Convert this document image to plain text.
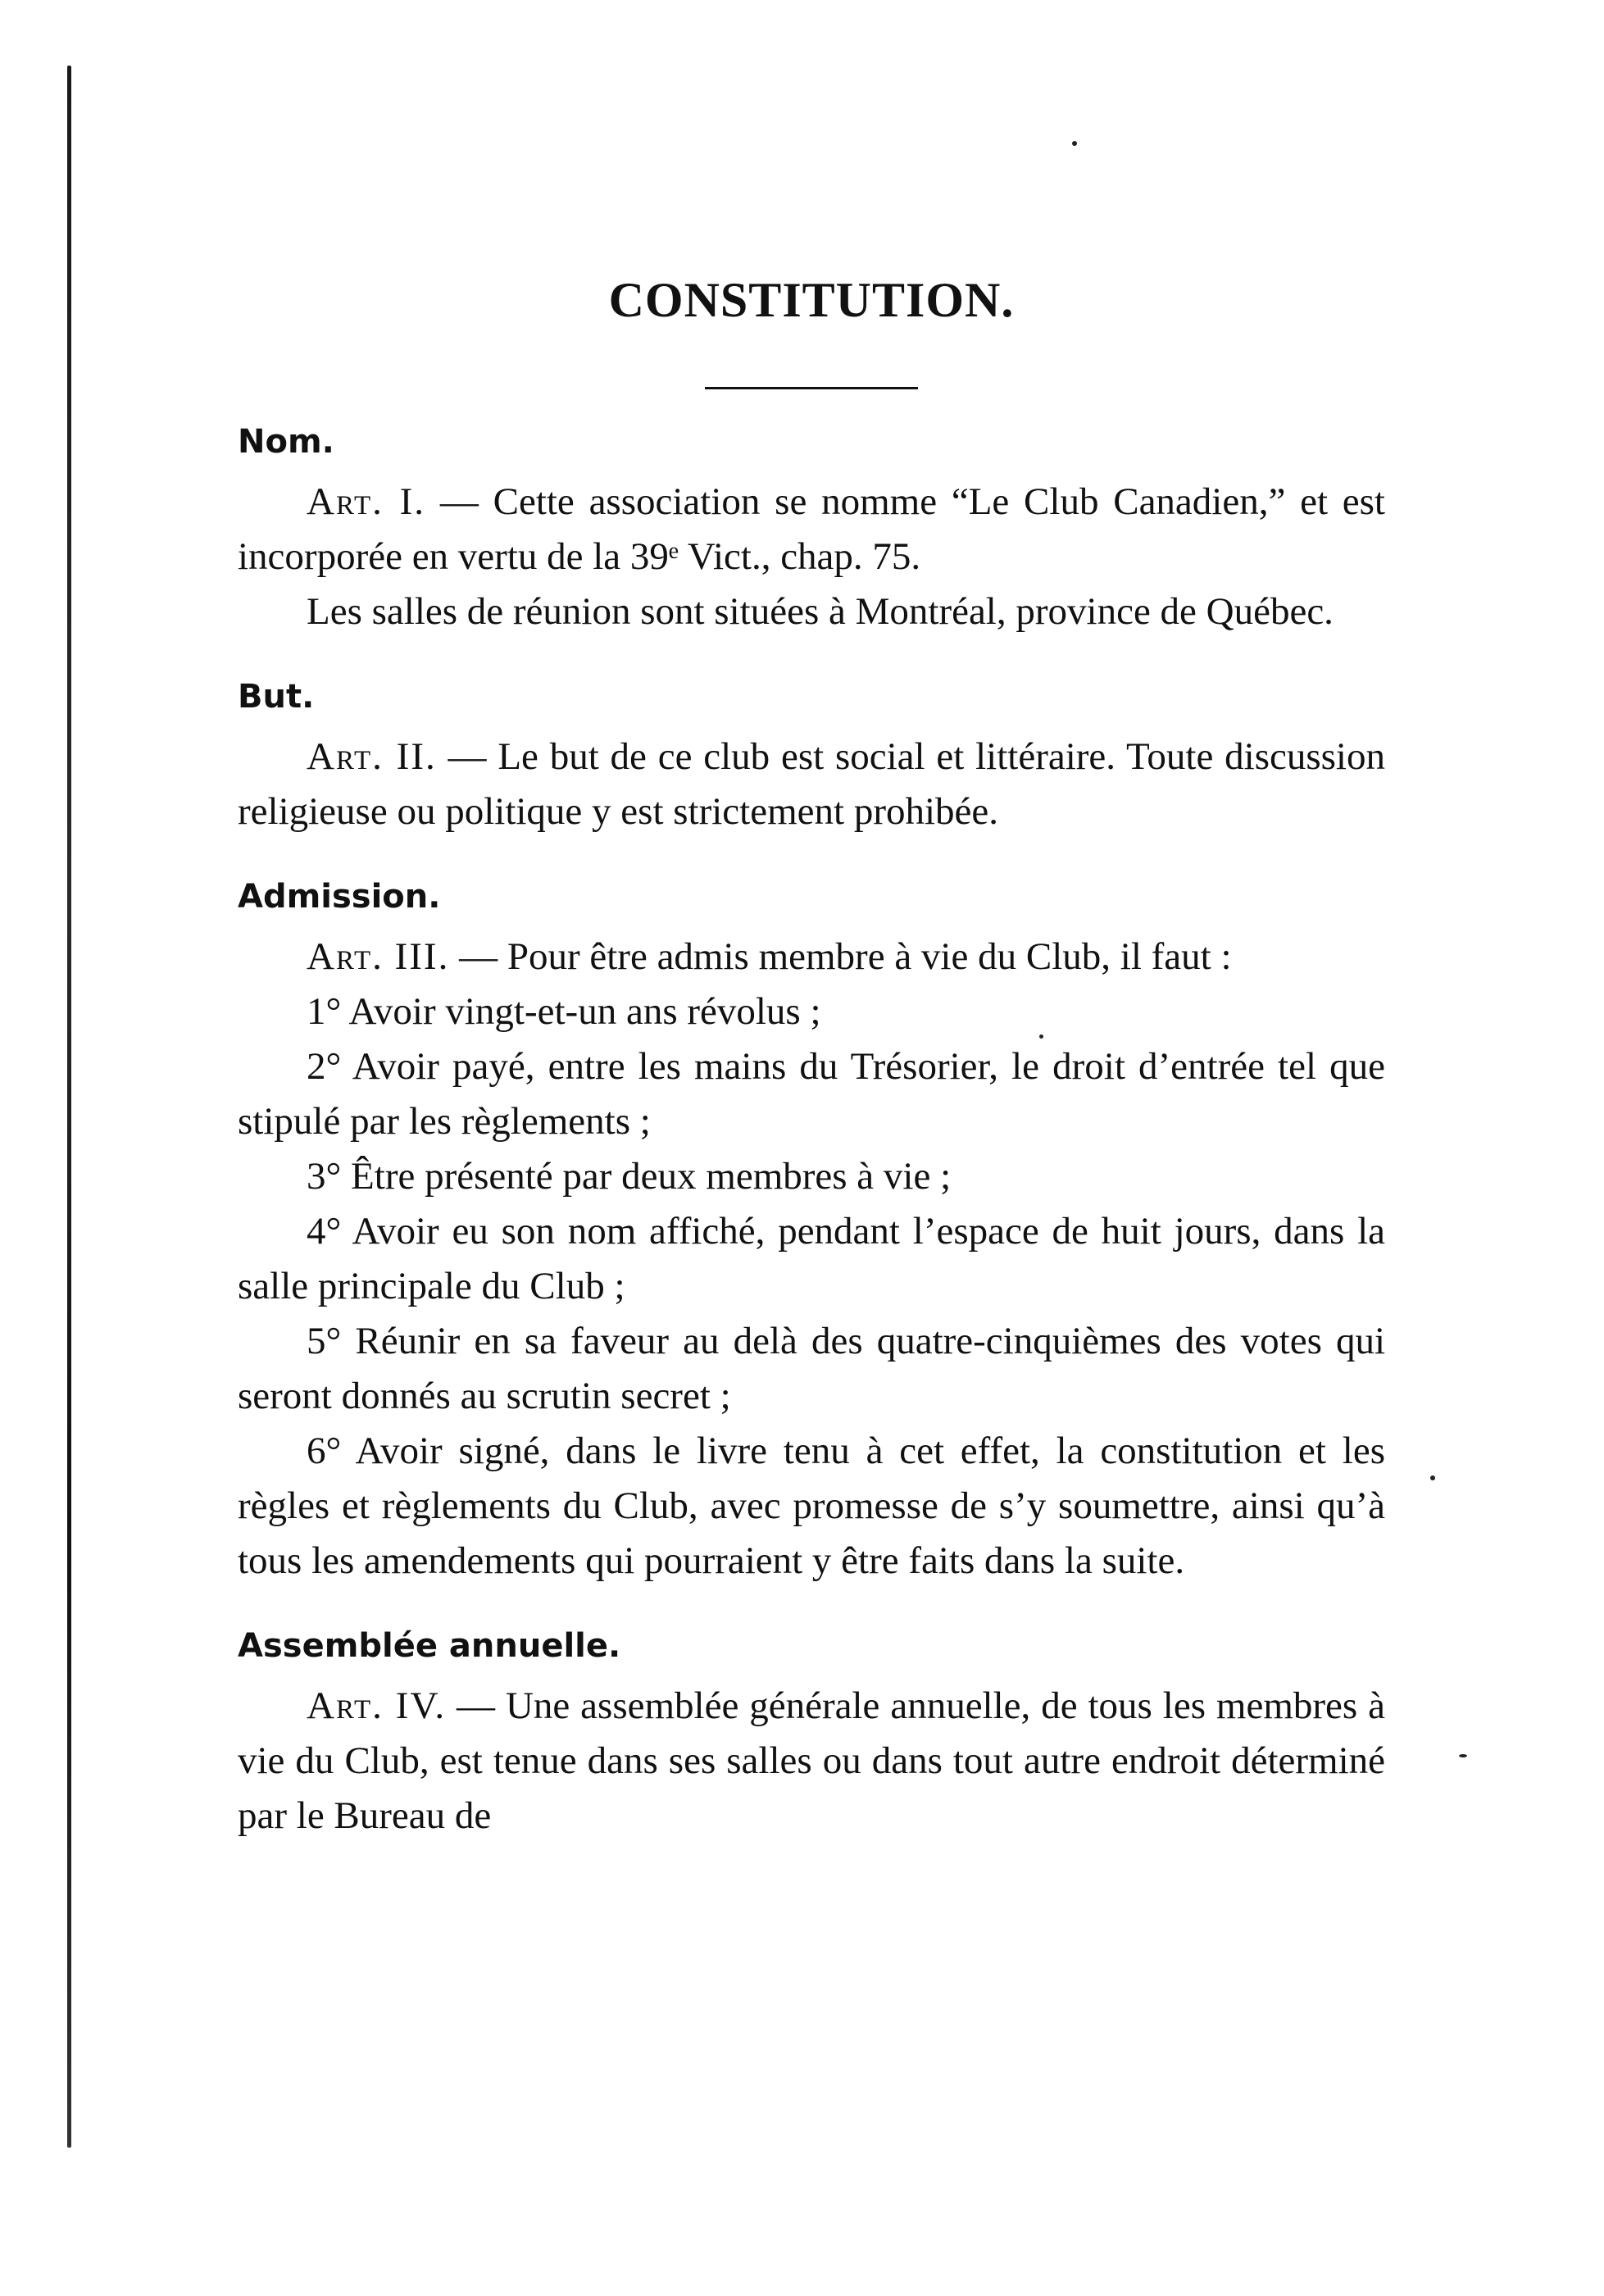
CONSTITUTION.

Nom.

Art. I. — Cette association se nomme “Le Club Canadien,” et est incorporée en vertu de la 39ᵉ Vict., chap. 75.

Les salles de réunion sont situées à Montréal, province de Québec.

But.

Art. II. — Le but de ce club est social et littéraire. Toute discussion religieuse ou politique y est strictement prohibée.

Admission.

Art. III. — Pour être admis membre à vie du Club, il faut :

1° Avoir vingt-et-un ans révolus ;

2° Avoir payé, entre les mains du Trésorier, le droit d’entrée tel que stipulé par les règlements ;

3° Être présenté par deux membres à vie ;

4° Avoir eu son nom affiché, pendant l’espace de huit jours, dans la salle principale du Club ;

5° Réunir en sa faveur au delà des quatre-cinquièmes des votes qui seront donnés au scrutin secret ;

6° Avoir signé, dans le livre tenu à cet effet, la constitution et les règles et règlements du Club, avec promesse de s’y soumettre, ainsi qu’à tous les amendements qui pourraient y être faits dans la suite.

Assemblée annuelle.

Art. IV. — Une assemblée générale annuelle, de tous les membres à vie du Club, est tenue dans ses salles ou dans tout autre endroit déterminé par le Bureau de
